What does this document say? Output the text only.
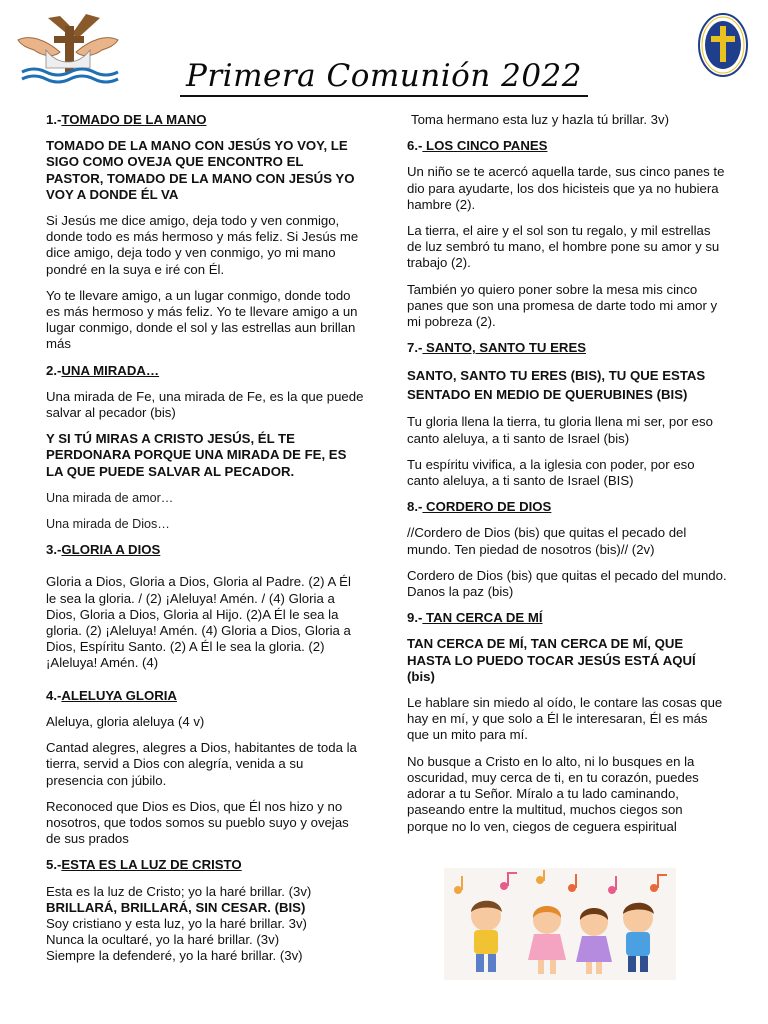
Primera Comunión 2022
1.-TOMADO DE LA MANO
TOMADO DE LA MANO CON JESÚS YO VOY, LE SIGO COMO OVEJA QUE ENCONTRO EL PASTOR, TOMADO DE LA MANO CON JESÚS YO VOY A DONDE ÉL VA
Si Jesús me dice amigo, deja todo y ven conmigo, donde todo es más hermoso y más feliz. Si Jesús me dice amigo, deja todo y ven conmigo, yo mi mano pondré en la suya e iré con Él.
Yo te llevare amigo, a un lugar conmigo, donde todo es más hermoso y más feliz. Yo te llevare amigo a un lugar conmigo, donde el sol y las estrellas aun brillan más
2.-UNA MIRADA…
Una mirada de Fe, una mirada de Fe, es la que puede salvar al pecador (bis)
Y SI TÚ MIRAS A CRISTO JESÚS, ÉL TE PERDONARA PORQUE UNA MIRADA DE FE, ES LA QUE PUEDE SALVAR AL PECADOR.
Una mirada de amor…
Una mirada de Dios…
3.-GLORIA A DIOS
Gloria a Dios, Gloria a Dios, Gloria al Padre. (2) A Él le sea la gloria. / (2) ¡Aleluya! Amén. / (4) Gloria a Dios, Gloria a Dios, Gloria al Hijo. (2)A Él le sea la gloria. (2) ¡Aleluya! Amén. (4) Gloria a Dios, Gloria a Dios, Espíritu Santo. (2) A Él le sea la gloria. (2) ¡Aleluya! Amén. (4)
4.-ALELUYA GLORIA
Aleluya, gloria aleluya (4 v)
Cantad alegres, alegres a Dios, habitantes de toda la tierra, servid a Dios con alegría, venida a su presencia con júbilo.
Reconoced que Dios es Dios, que Él nos hizo y no nosotros, que todos somos su pueblo suyo y ovejas de sus prados
5.-ESTA ES LA LUZ DE CRISTO
Esta es la luz de Cristo; yo la haré brillar. (3v)
BRILLARÁ, BRILLARÁ, SIN CESAR. (BIS)
Soy cristiano y esta luz, yo la haré brillar. 3v)
Nunca la ocultaré, yo la haré brillar. (3v)
Siempre la defenderé, yo la haré brillar. (3v)
Toma hermano esta luz y hazla tú brillar. 3v)
6.- LOS CINCO PANES
Un niño se te acercó aquella tarde, sus cinco panes te dio para ayudarte, los dos hicisteis que ya no hubiera hambre (2).
La tierra, el aire y el sol son tu regalo, y mil estrellas de luz sembró tu mano, el hombre pone su amor y su trabajo (2).
También yo quiero poner sobre la mesa mis cinco panes que son una promesa de darte todo mi amor y mi pobreza (2).
7.- SANTO, SANTO TU ERES
SANTO, SANTO TU ERES (BIS), TU QUE ESTAS SENTADO EN MEDIO DE QUERUBINES (BIS)
Tu gloria llena la tierra, tu gloria llena mi ser, por eso canto aleluya, a ti santo de Israel (bis)
Tu espíritu vivifica, a la iglesia con poder, por eso canto aleluya, a ti santo de Israel (BIS)
8.- CORDERO DE DIOS
//Cordero de Dios (bis) que quitas el pecado del mundo. Ten piedad de nosotros (bis)// (2v)
Cordero de Dios (bis) que quitas el pecado del mundo. Danos la paz (bis)
9.- TAN CERCA DE MÍ
TAN CERCA DE MÍ, TAN CERCA DE MÍ, QUE HASTA LO PUEDO TOCAR JESÚS ESTÁ AQUÍ (bis)
Le hablare sin miedo al oído, le contare las cosas que hay en mí, y que solo a Él le interesaran, Él es más que un mito para mí.
No busque a Cristo en lo alto, ni lo busques en la oscuridad, muy cerca de ti, en tu corazón, puedes adorar a tu Señor. Míralo a tu lado caminando, paseando entre la multitud, muchos ciegos son porque no lo ven, ciegos de ceguera espiritual
